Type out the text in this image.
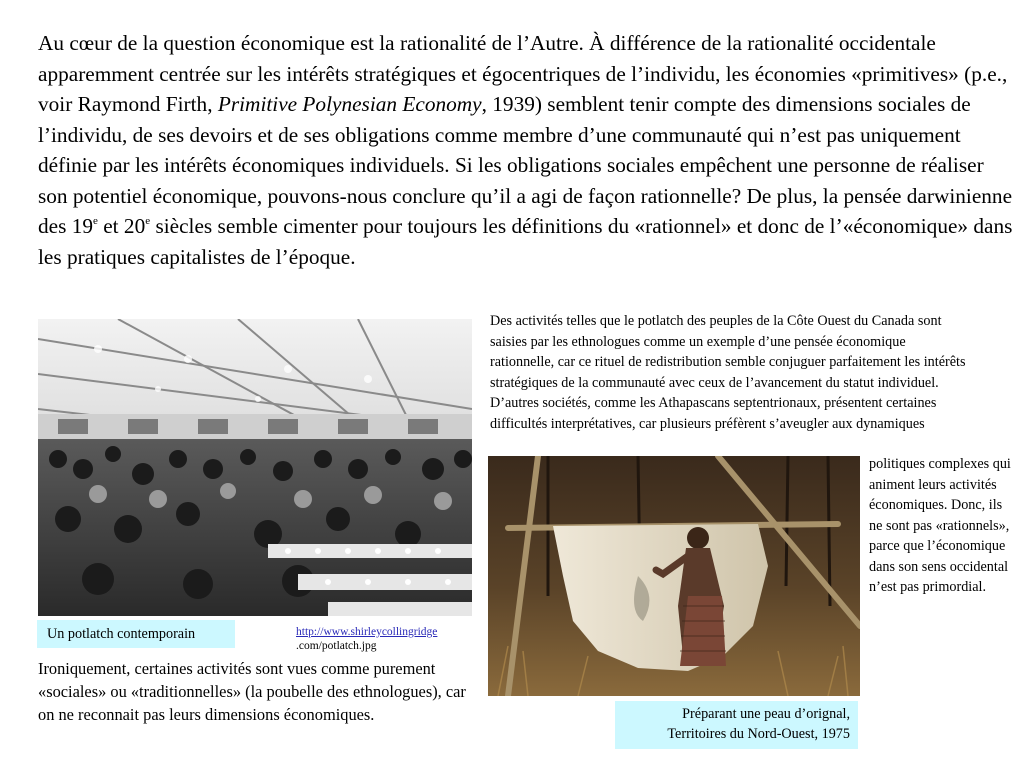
Au cœur de la question économique est la rationalité de l’Autre. À différence de la rationalité occidentale apparemment centrée sur les intérêts stratégiques et égocentriques de l’individu, les économies «primitives» (p.e., voir Raymond Firth, Primitive Polynesian Economy, 1939) semblent tenir compte des dimensions sociales de l’individu, de ses devoirs et de ses obligations comme membre d’une communauté qui n’est pas uniquement définie par les intérêts économiques individuels. Si les obligations sociales empêchent une personne de réaliser son potentiel économique, pouvons-nous conclure qu’il a agi de façon rationnelle? De plus, la pensée darwinienne des 19e et 20e siècles semble cimenter pour toujours les définitions du «rationnel» et donc de l’«économique» dans les pratiques capitalistes de l’époque.

Un potlatch contemporain	http://www.shirleycollingridge
.com/potlatch.jpg
Ironiquement, certaines activités sont vues comme purement «sociales» ou «traditionnelles» (la poubelle des ethnologues), car on ne reconnait pas leurs dimensions économiques.
Des activités telles que le potlatch des peuples de la Côte Ouest du Canada sont saisies par les ethnologues comme un exemple d’une pensée économique rationnelle, car ce rituel de redistribution semble conjuguer parfaitement les intérêts stratégiques de la communauté avec ceux de l’avancement du statut individuel. D’autres sociétés, comme les Athapascans septentrionaux, présentent certaines difficultés interprétatives, car plusieurs préfèrent s’aveugler aux dynamiques
politiques complexes qui animent leurs activités économiques. Donc, ils ne sont pas «rationnels», parce que l’économique dans son sens occidental n’est pas primordial.
Préparant une peau d’orignal,
Territoires du Nord-Ouest, 1975
